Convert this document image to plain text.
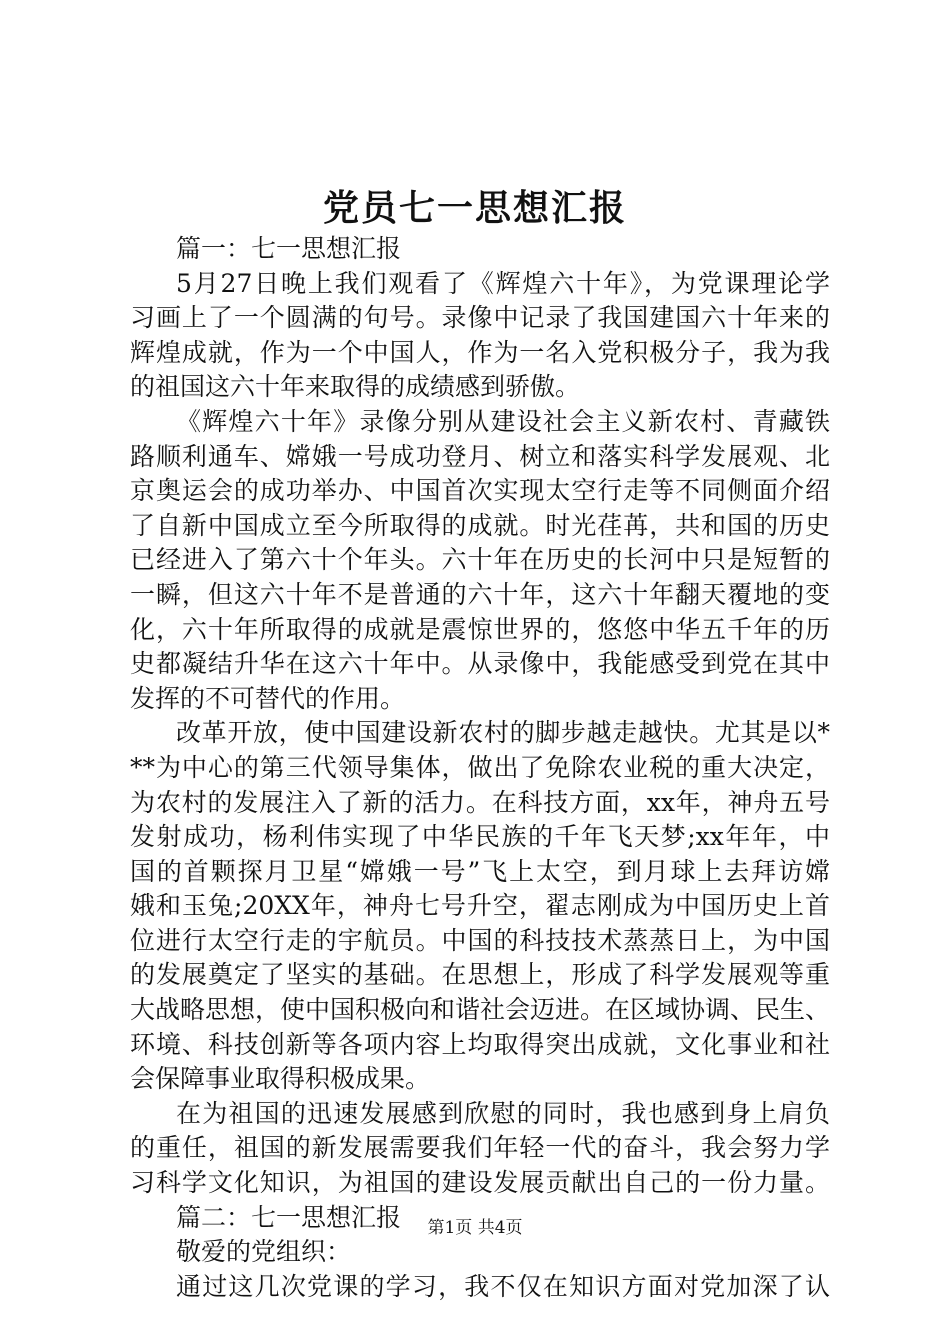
党员七一思想汇报
篇一：七一思想汇报
5月27日晚上我们观看了《辉煌六十年》，为党课理论学
习画上了一个圆满的句号。录像中记录了我国建国六十年来的
辉煌成就，作为一个中国人，作为一名入党积极分子，我为我
的祖国这六十年来取得的成绩感到骄傲。
《辉煌六十年》录像分别从建设社会主义新农村、青藏铁
路顺利通车、嫦娥一号成功登月、树立和落实科学发展观、北
京奥运会的成功举办、中国首次实现太空行走等不同侧面介绍
了自新中国成立至今所取得的成就。时光荏苒，共和国的历史
已经进入了第六十个年头。六十年在历史的长河中只是短暂的
一瞬，但这六十年不是普通的六十年，这六十年翻天覆地的变
化，六十年所取得的成就是震惊世界的，悠悠中华五千年的历
史都凝结升华在这六十年中。从录像中，我能感受到党在其中
发挥的不可替代的作用。
改革开放，使中国建设新农村的脚步越走越快。尤其是以*
**为中心的第三代领导集体，做出了免除农业税的重大决定，
为农村的发展注入了新的活力。在科技方面，xx年，神舟五号
发射成功，杨利伟实现了中华民族的千年飞天梦;xx年年，中
国的首颗探月卫星“嫦娥一号”飞上太空，到月球上去拜访嫦
娥和玉兔;20XX年，神舟七号升空，翟志刚成为中国历史上首
位进行太空行走的宇航员。中国的科技技术蒸蒸日上，为中国
的发展奠定了坚实的基础。在思想上，形成了科学发展观等重
大战略思想，使中国积极向和谐社会迈进。在区域协调、民生、
环境、科技创新等各项内容上均取得突出成就，文化事业和社
会保障事业取得积极成果。
在为祖国的迅速发展感到欣慰的同时，我也感到身上肩负
的重任，祖国的新发展需要我们年轻一代的奋斗，我会努力学
习科学文化知识，为祖国的建设发展贡献出自己的一份力量。
篇二：七一思想汇报
敬爱的党组织：
通过这几次党课的学习，我不仅在知识方面对党加深了认
第1页 共4页
